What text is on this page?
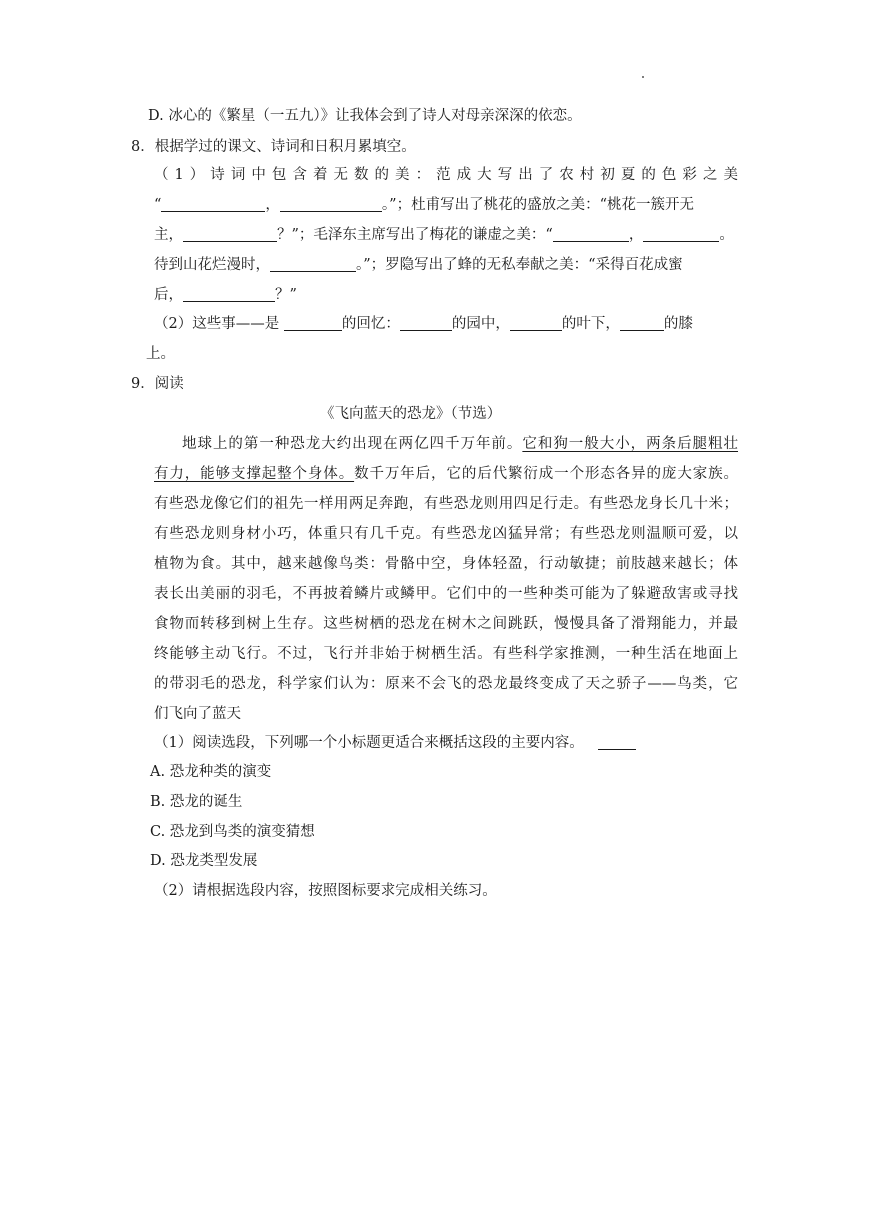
D. 冰心的《繁星（一五九）》让我体会到了诗人对母亲深深的依恋。
8．根据学过的课文、诗词和日积月累填空。
（1）诗词中包含着无数的美：范成大写出了农村初夏的色彩之美
“	，	。”；杜甫写出了桃花的盛放之美：“桃花一簇开无
主，	？”；毛泽东主席写出了梅花的谦虚之美：“	，	。
待到山花烂漫时，	。”；罗隐写出了蜂的无私奉献之美：“采得百花成蜜
后，	？”
（2）这些事——是	的回忆：	的园中，	的叶下，	的膝
上。
9．阅读
《飞向蓝天的恐龙》（节选）
地球上的第一种恐龙大约出现在两亿四千万年前。它和狗一般大小，两条后腿粗壮
有力，能够支撑起整个身体。数千万年后，它的后代繁衍成一个形态各异的庞大家族。
有些恐龙像它们的祖先一样用两足奔跑，有些恐龙则用四足行走。有些恐龙身长几十米；
有些恐龙则身材小巧，体重只有几千克。有些恐龙凶猛异常；有些恐龙则温顺可爱，以
植物为食。其中，越来越像鸟类：骨骼中空，身体轻盈，行动敏捷；前肢越来越长；体
表长出美丽的羽毛，不再披着鳞片或鳞甲。它们中的一些种类可能为了躲避敌害或寻找
食物而转移到树上生存。这些树栖的恐龙在树木之间跳跃，慢慢具备了滑翔能力，并最
终能够主动飞行。不过，飞行并非始于树栖生活。有些科学家推测，一种生活在地面上
的带羽毛的恐龙，科学家们认为：原来不会飞的恐龙最终变成了天之骄子——鸟类，它
们飞向了蓝天
（1）阅读选段，下列哪一个小标题更适合来概括这段的主要内容。
A. 恐龙种类的演变
B. 恐龙的诞生
C. 恐龙到鸟类的演变猜想
D. 恐龙类型发展
（2）请根据选段内容，按照图标要求完成相关练习。
